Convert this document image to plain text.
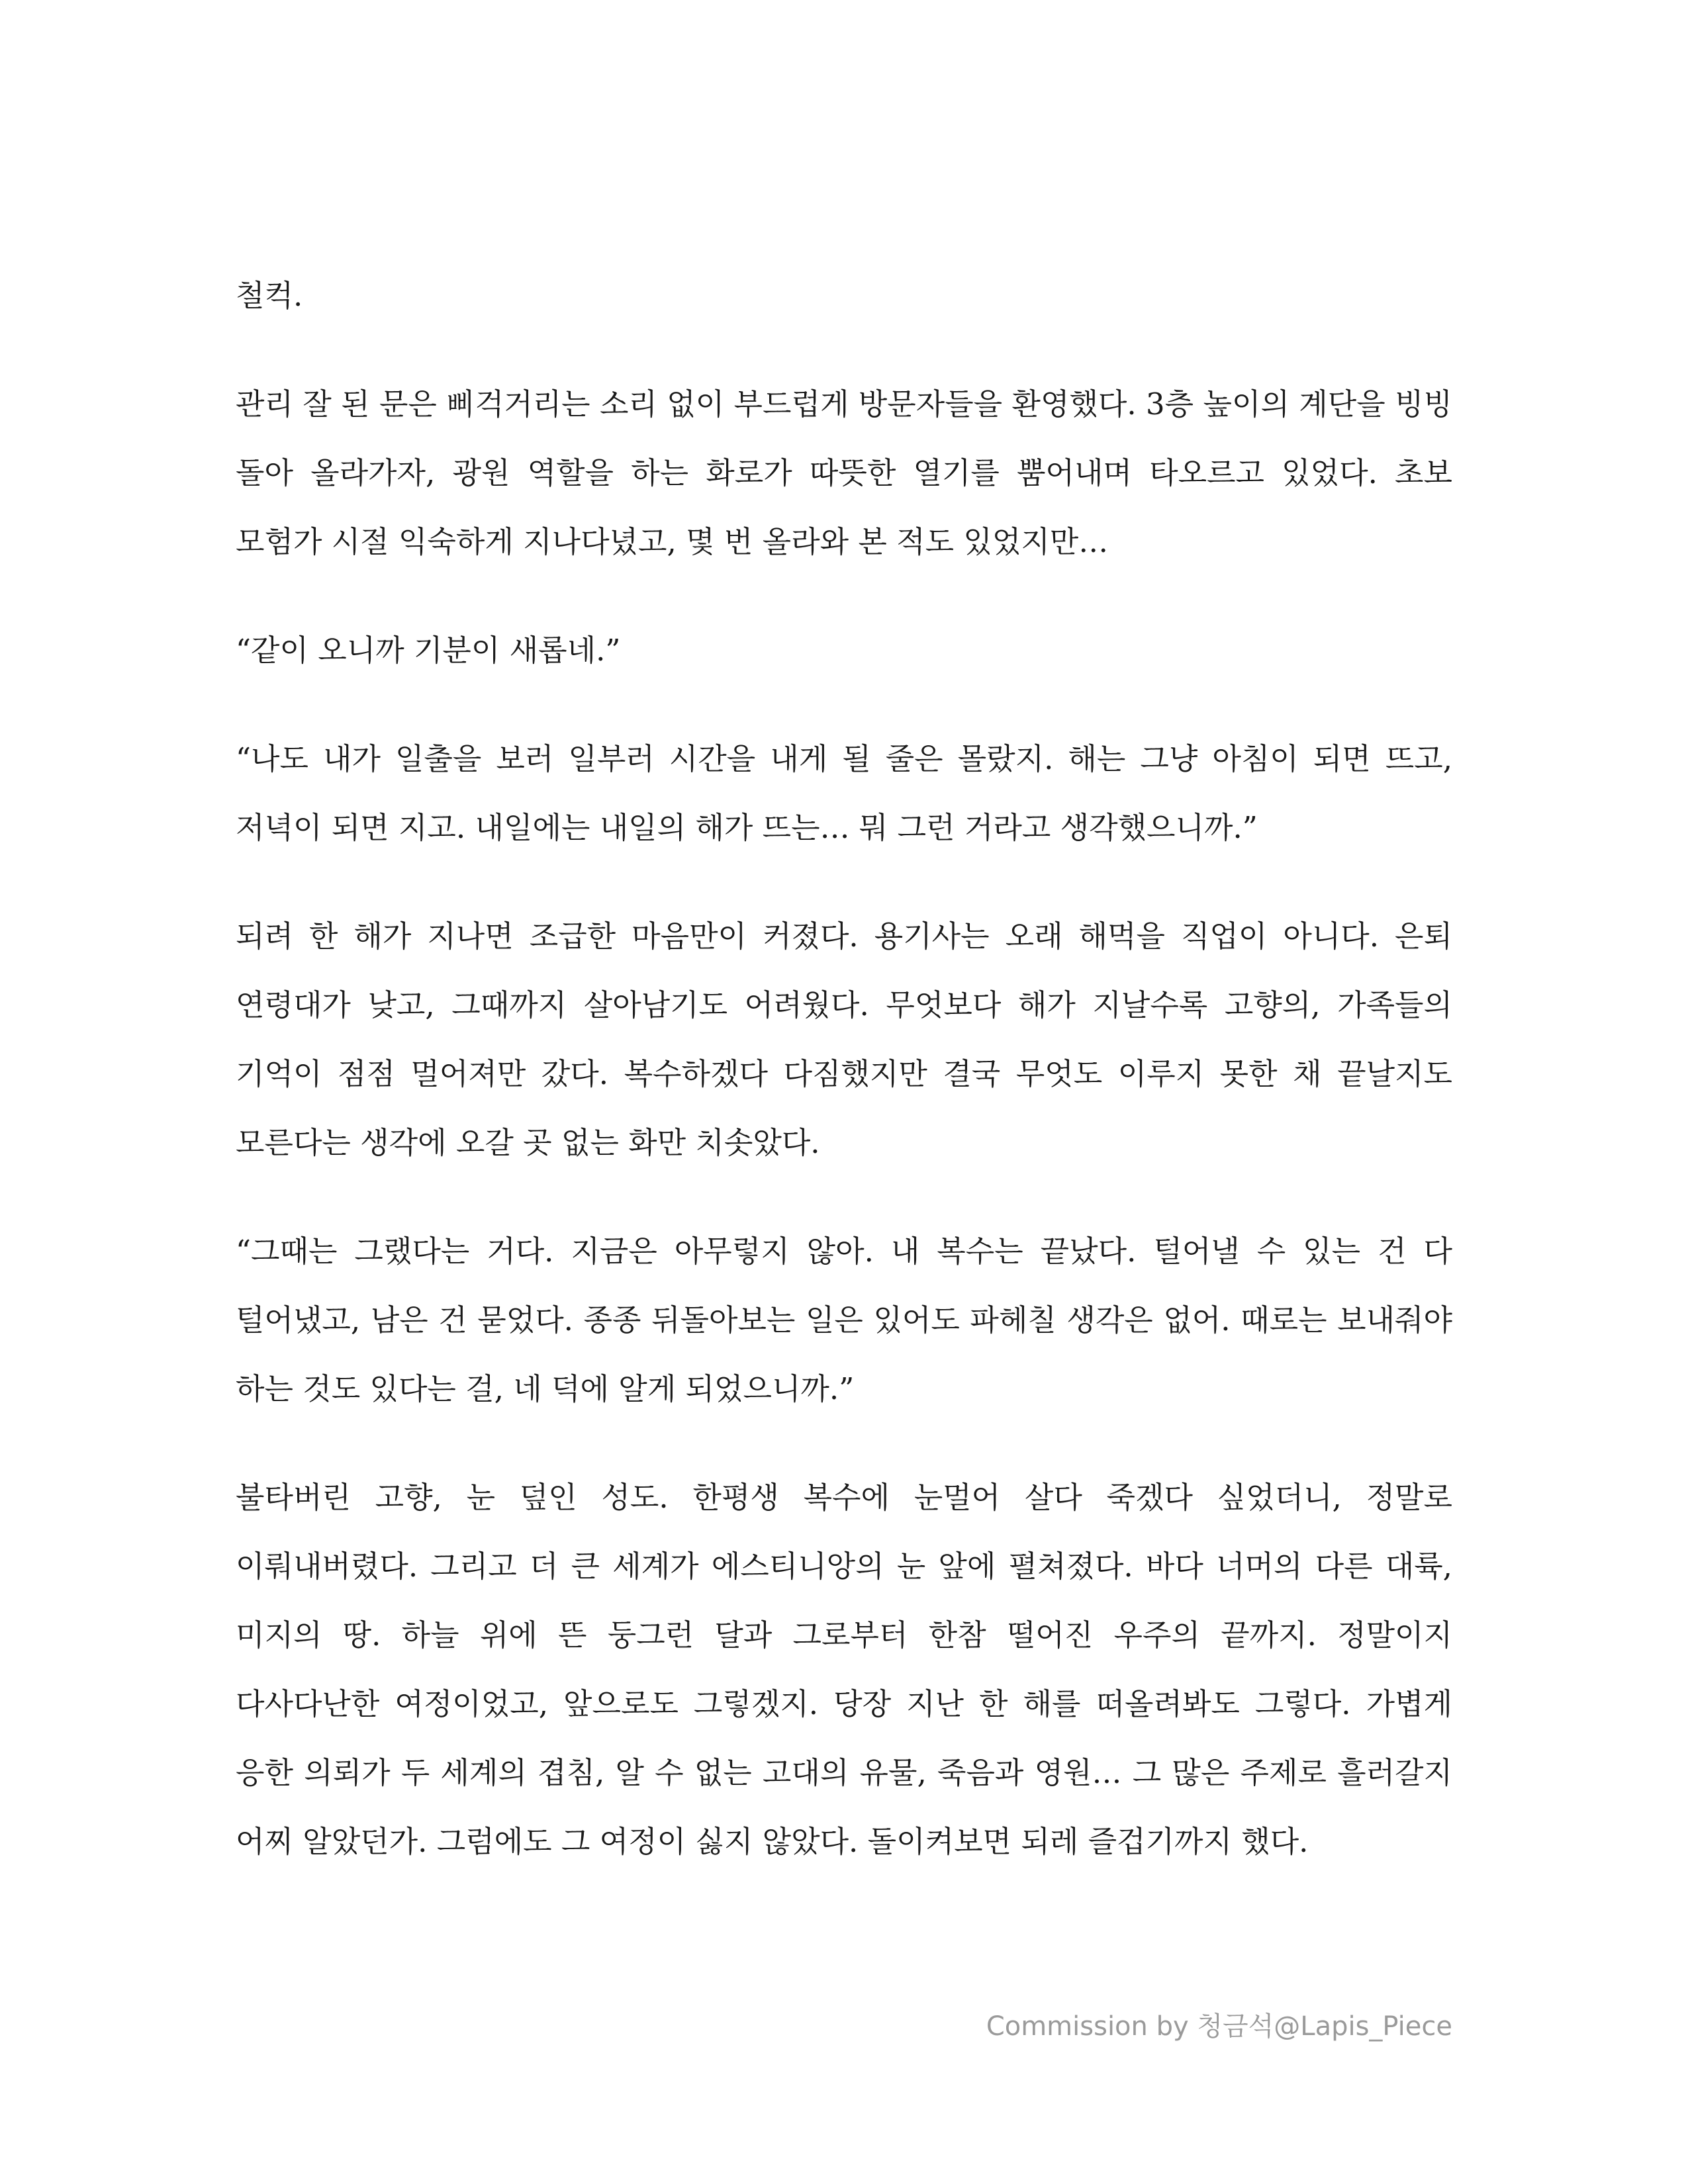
철컥.

관리 잘 된 문은 삐걱거리는 소리 없이 부드럽게 방문자들을 환영했다. 3층 높이의 계단을 빙빙 돌아 올라가자, 광원 역할을 하는 화로가 따뜻한 열기를 뿜어내며 타오르고 있었다. 초보 모험가 시절 익숙하게 지나다녔고, 몇 번 올라와 본 적도 있었지만…

“같이 오니까 기분이 새롭네.”

“나도 내가 일출을 보러 일부러 시간을 내게 될 줄은 몰랐지. 해는 그냥 아침이 되면 뜨고, 저녁이 되면 지고. 내일에는 내일의 해가 뜨는… 뭐 그런 거라고 생각했으니까.”

되려 한 해가 지나면 조급한 마음만이 커졌다. 용기사는 오래 해먹을 직업이 아니다. 은퇴 연령대가 낮고, 그때까지 살아남기도 어려웠다. 무엇보다 해가 지날수록 고향의, 가족들의 기억이 점점 멀어져만 갔다. 복수하겠다 다짐했지만 결국 무엇도 이루지 못한 채 끝날지도 모른다는 생각에 오갈 곳 없는 화만 치솟았다.

“그때는 그랬다는 거다. 지금은 아무렇지 않아. 내 복수는 끝났다. 털어낼 수 있는 건 다 털어냈고, 남은 건 묻었다. 종종 뒤돌아보는 일은 있어도 파헤칠 생각은 없어. 때로는 보내줘야 하는 것도 있다는 걸, 네 덕에 알게 되었으니까.”

불타버린 고향, 눈 덮인 성도. 한평생 복수에 눈멀어 살다 죽겠다 싶었더니, 정말로 이뤄내버렸다. 그리고 더 큰 세계가 에스티니앙의 눈 앞에 펼쳐졌다. 바다 너머의 다른 대륙, 미지의 땅. 하늘 위에 뜬 둥그런 달과 그로부터 한참 떨어진 우주의 끝까지. 정말이지 다사다난한 여정이었고, 앞으로도 그렇겠지. 당장 지난 한 해를 떠올려봐도 그렇다. 가볍게 응한 의뢰가 두 세계의 겹침, 알 수 없는 고대의 유물, 죽음과 영원… 그 많은 주제로 흘러갈지 어찌 알았던가. 그럼에도 그 여정이 싫지 않았다. 돌이켜보면 되레 즐겁기까지 했다.

Commission by 청금석@Lapis_Piece
